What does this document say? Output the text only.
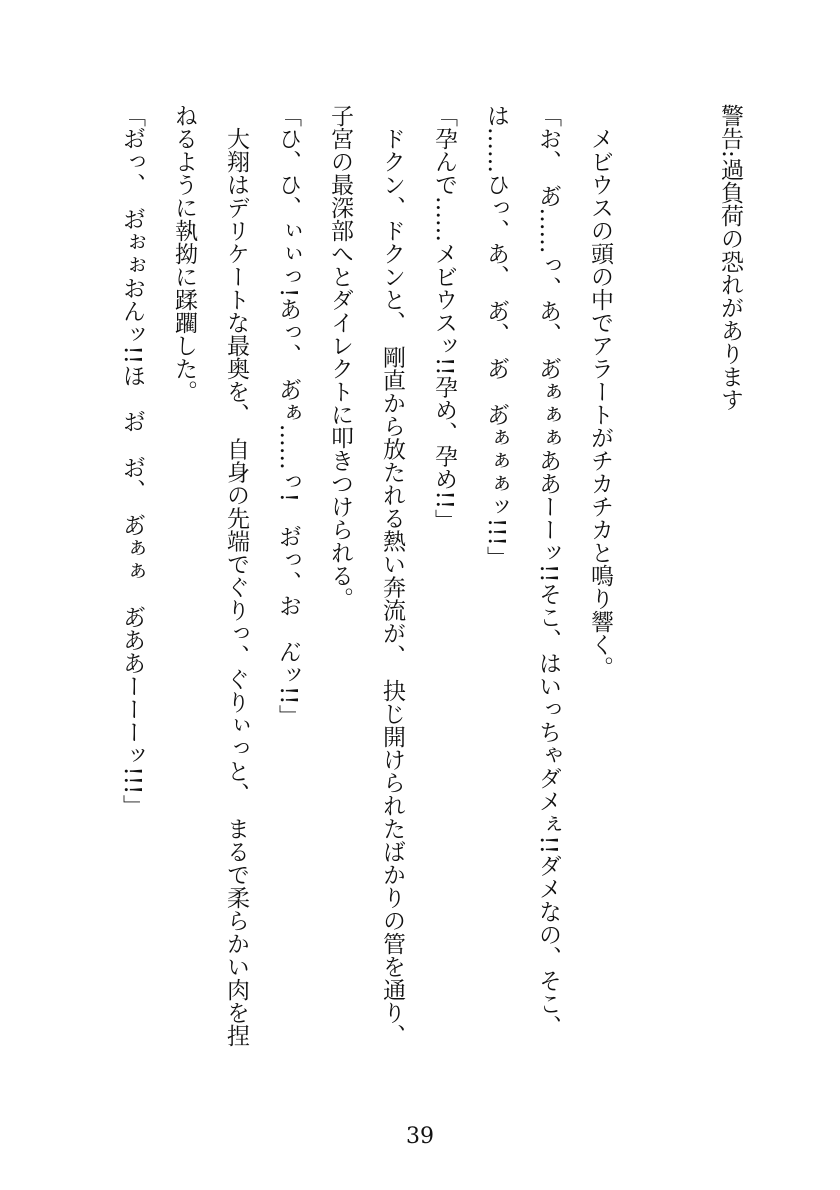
警告:過負荷の恐れがあります

メビウスの頭の中でアラートがチカチカと鳴り響く。

「お、　あ゙……っ、あ、　あ゙ぁぁぁああーーッ!!そこ、はいっちゃダメぇ!!ダメなの、そこ、は……ひっ、あ、　あ゙、　あ゙　あ゙ぁぁぁッ!!!」

「孕んで……メビウスッ!!孕め、孕め!!」

ドクン、ドクンと、　剛直から放たれる熱い奔流が、　抉じ開けられたばかりの管を通り、子宮の最深部へとダイレクトに叩きつけられる。

「ひ、ひ、ぃぃっ!あっ、　あ゙ぁ……っ!　お゙っ、お　ん゙ッ!!」

大翔はデリケートな最奥を、　自身の先端でぐりっ、ぐりぃっと、　まるで柔らかい肉を捏ねるように執拗に蹂躙した。

「お゙っ、　お゙ぉぉおんッ!!ほ　お゙　お゙、　あ゙ぁぁ　あ゙ああーーーッ!!!」

39
